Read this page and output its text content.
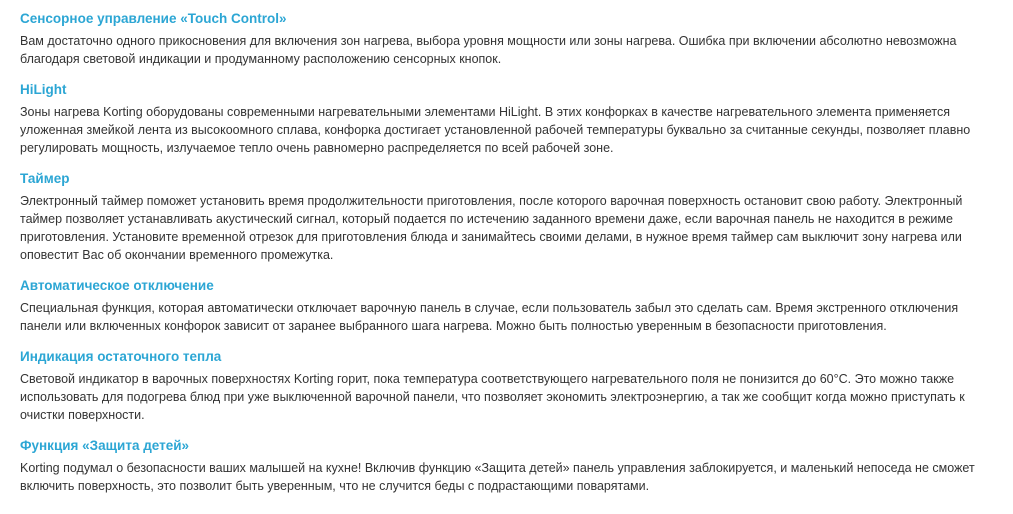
Сенсорное управление «Touch Control»

Вам достаточно одного прикосновения для включения зон нагрева, выбора уровня мощности или зоны нагрева. Ошибка при включении абсолютно невозможна благодаря световой индикации и продуманному расположению сенсорных кнопок.

HiLight

Зоны нагрева Korting оборудованы современными нагревательными элементами HiLight. В этих конфорках в качестве нагревательного элемента применяется уложенная змейкой лента из высокоомного сплава, конфорка достигает установленной рабочей температуры буквально за считанные секунды, позволяет плавно регулировать мощность, излучаемое тепло очень равномерно распределяется по всей рабочей зоне.

Таймер

Электронный таймер поможет установить время продолжительности приготовления, после которого варочная поверхность остановит свою работу. Электронный таймер позволяет устанавливать акустический сигнал, который подается по истечению заданного времени даже, если варочная панель не находится в режиме приготовления. Установите временной отрезок для приготовления блюда и занимайтесь своими делами, в нужное время таймер сам выключит зону нагрева или оповестит Вас об окончании временного промежутка.

Автоматическое отключение

Специальная функция, которая автоматически отключает варочную панель в случае, если пользователь забыл это сделать сам. Время экстренного отключения панели или включенных конфорок зависит от заранее выбранного шага нагрева. Можно быть полностью уверенным в безопасности приготовления.

Индикация остаточного тепла

Световой индикатор в варочных поверхностях Korting горит, пока температура соответствующего нагревательного поля не понизится до 60°C. Это можно также использовать для подогрева блюд при уже выключенной варочной панели, что позволяет экономить электроэнергию, а так же сообщит когда можно приступать к очистки поверхности.

Функция «Защита детей»

Korting подумал о безопасности ваших малышей на кухне! Включив функцию «Защита детей» панель управления заблокируется, и маленький непоседа не сможет включить поверхность, это позволит быть уверенным, что не случится беды с подрастающими поварятами.
